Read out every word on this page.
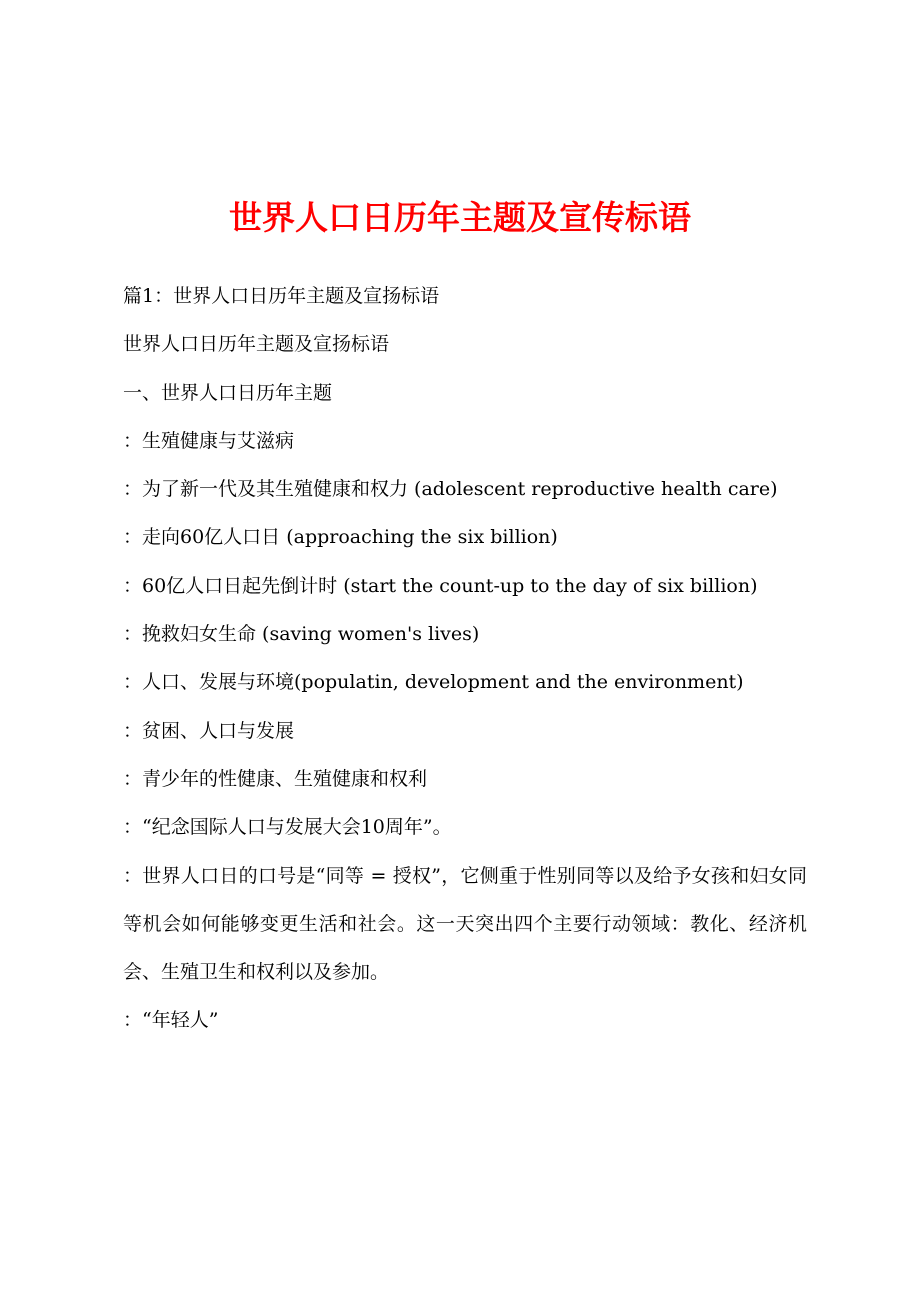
世界人口日历年主题及宣传标语

篇1：世界人口日历年主题及宣扬标语

世界人口日历年主题及宣扬标语

一、世界人口日历年主题

：生殖健康与艾滋病

：为了新一代及其生殖健康和权力 (adolescent reproductive health care)

：走向60亿人口日 (approaching the six billion)

：60亿人口日起先倒计时 (start the count-up to the day of six billion)

：挽救妇女生命 (saving women's lives)

：人口、发展与环境(populatin, development and the environment)

：贫困、人口与发展

：青少年的性健康、生殖健康和权利

：“纪念国际人口与发展大会10周年”。

：世界人口日的口号是“同等 = 授权”，它侧重于性别同等以及给予女孩和妇女同等机会如何能够变更生活和社会。这一天突出四个主要行动领域：教化、经济机会、生殖卫生和权利以及参加。

：“年轻人”
